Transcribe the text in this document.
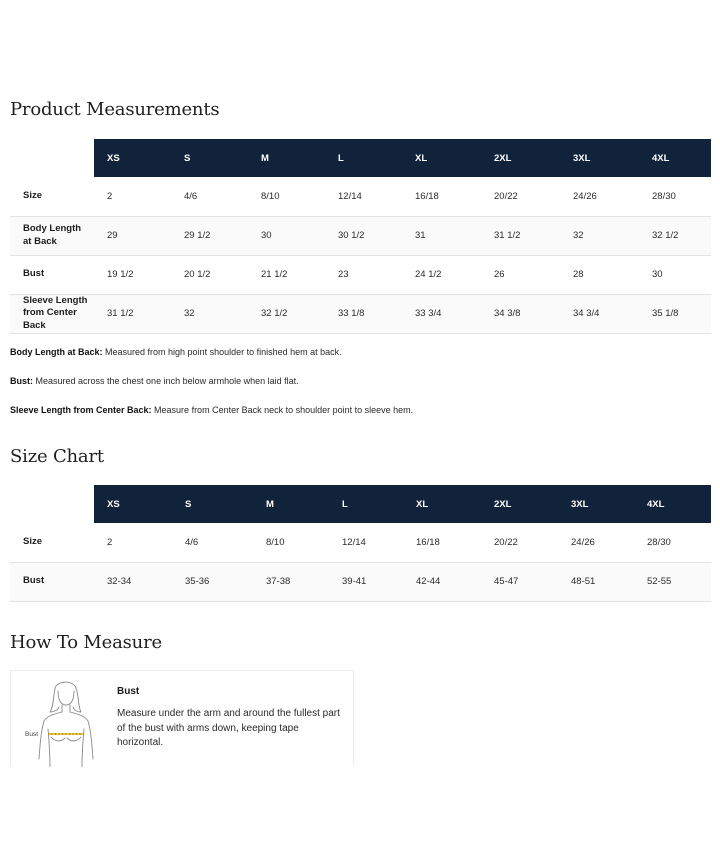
Product Measurements
	XS	S	M	L	XL	2XL	3XL	4XL
Size	2	4/6	8/10	12/14	16/18	20/22	24/26	28/30
Body Length at Back	29	29 1/2	30	30 1/2	31	31 1/2	32	32 1/2
Bust	19 1/2	20 1/2	21 1/2	23	24 1/2	26	28	30
Sleeve Length from Center Back	31 1/2	32	32 1/2	33 1/8	33 3/4	34 3/8	34 3/4	35 1/8

Body Length at Back: Measured from high point shoulder to finished hem at back.

Bust: Measured across the chest one inch below armhole when laid flat.

Sleeve Length from Center Back: Measure from Center Back neck to shoulder point to sleeve hem.

Size Chart
	XS	S	M	L	XL	2XL	3XL	4XL
Size	2	4/6	8/10	12/14	16/18	20/22	24/26	28/30
Bust	32-34	35-36	37-38	39-41	42-44	45-47	48-51	52-55
How To Measure
Bust
Bust
Measure under the arm and around the fullest part of the bust with arms down, keeping tape horizontal.
